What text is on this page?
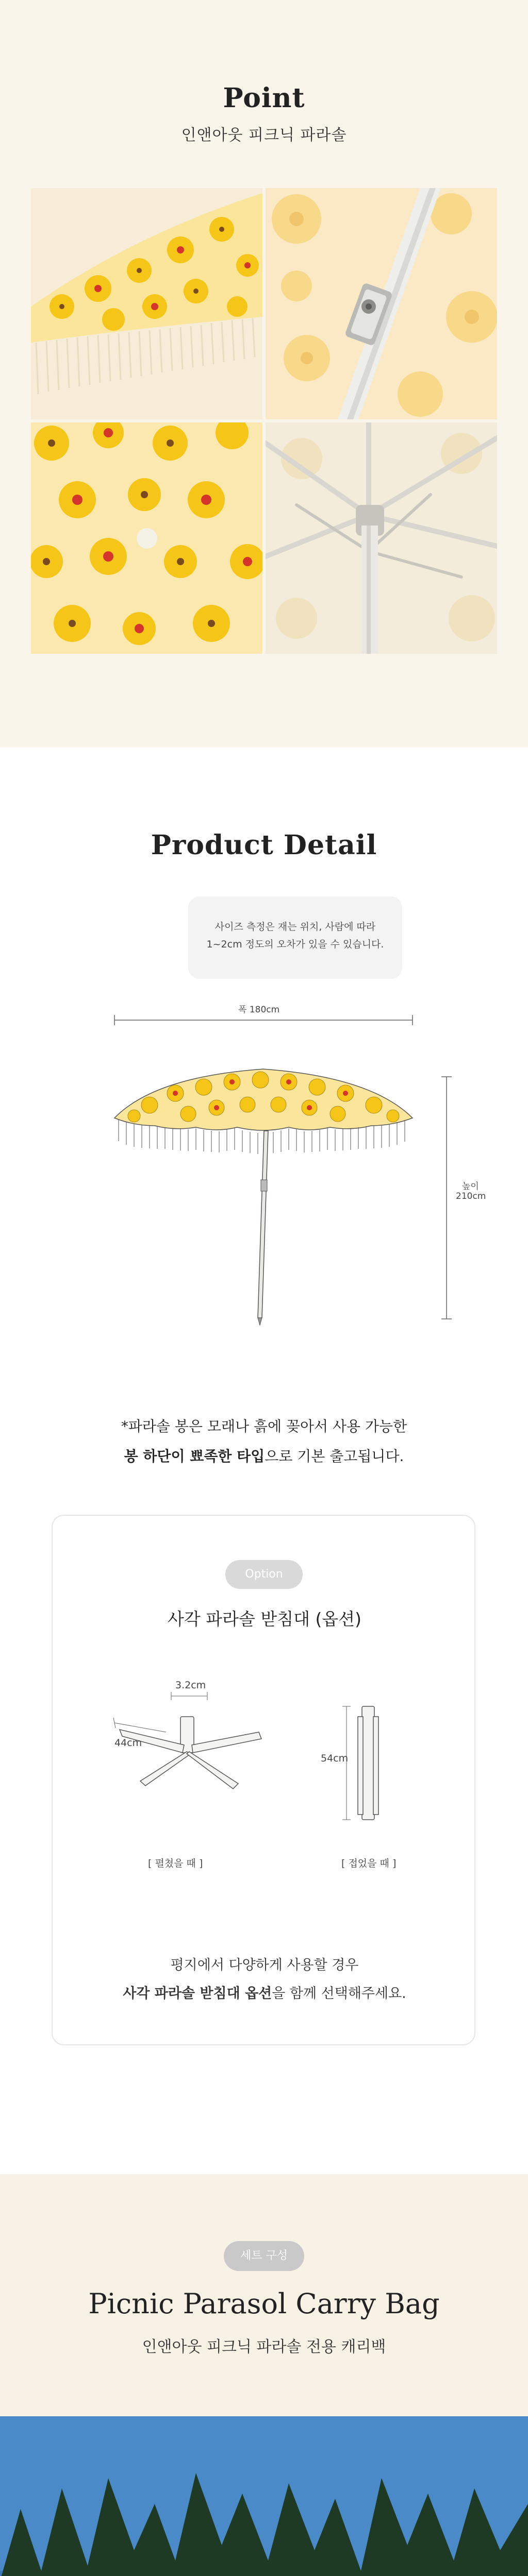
Point

인앤아웃 피크닉 파라솔

Product Detail
사이즈 측정은 재는 위치, 사람에 따라
1~2cm 정도의 오차가 있을 수 있습니다.
폭 180cm
높이
210cm
*파라솔 봉은 모래나 흙에 꽂아서 사용 가능한
봉 하단이 뾰족한 타입으로 기본 출고됩니다.
Option
사각 파라솔 받침대 (옵션)
3.2cm
44cm
54cm
[ 펼쳤을 때 ]	[ 접었을 때 ]
평지에서 다양하게 사용할 경우
사각 파라솔 받침대 옵션을 함께 선택해주세요.
세트 구성
Picnic Parasol Carry Bag
인앤아웃 피크닉 파라솔 전용 캐리백
